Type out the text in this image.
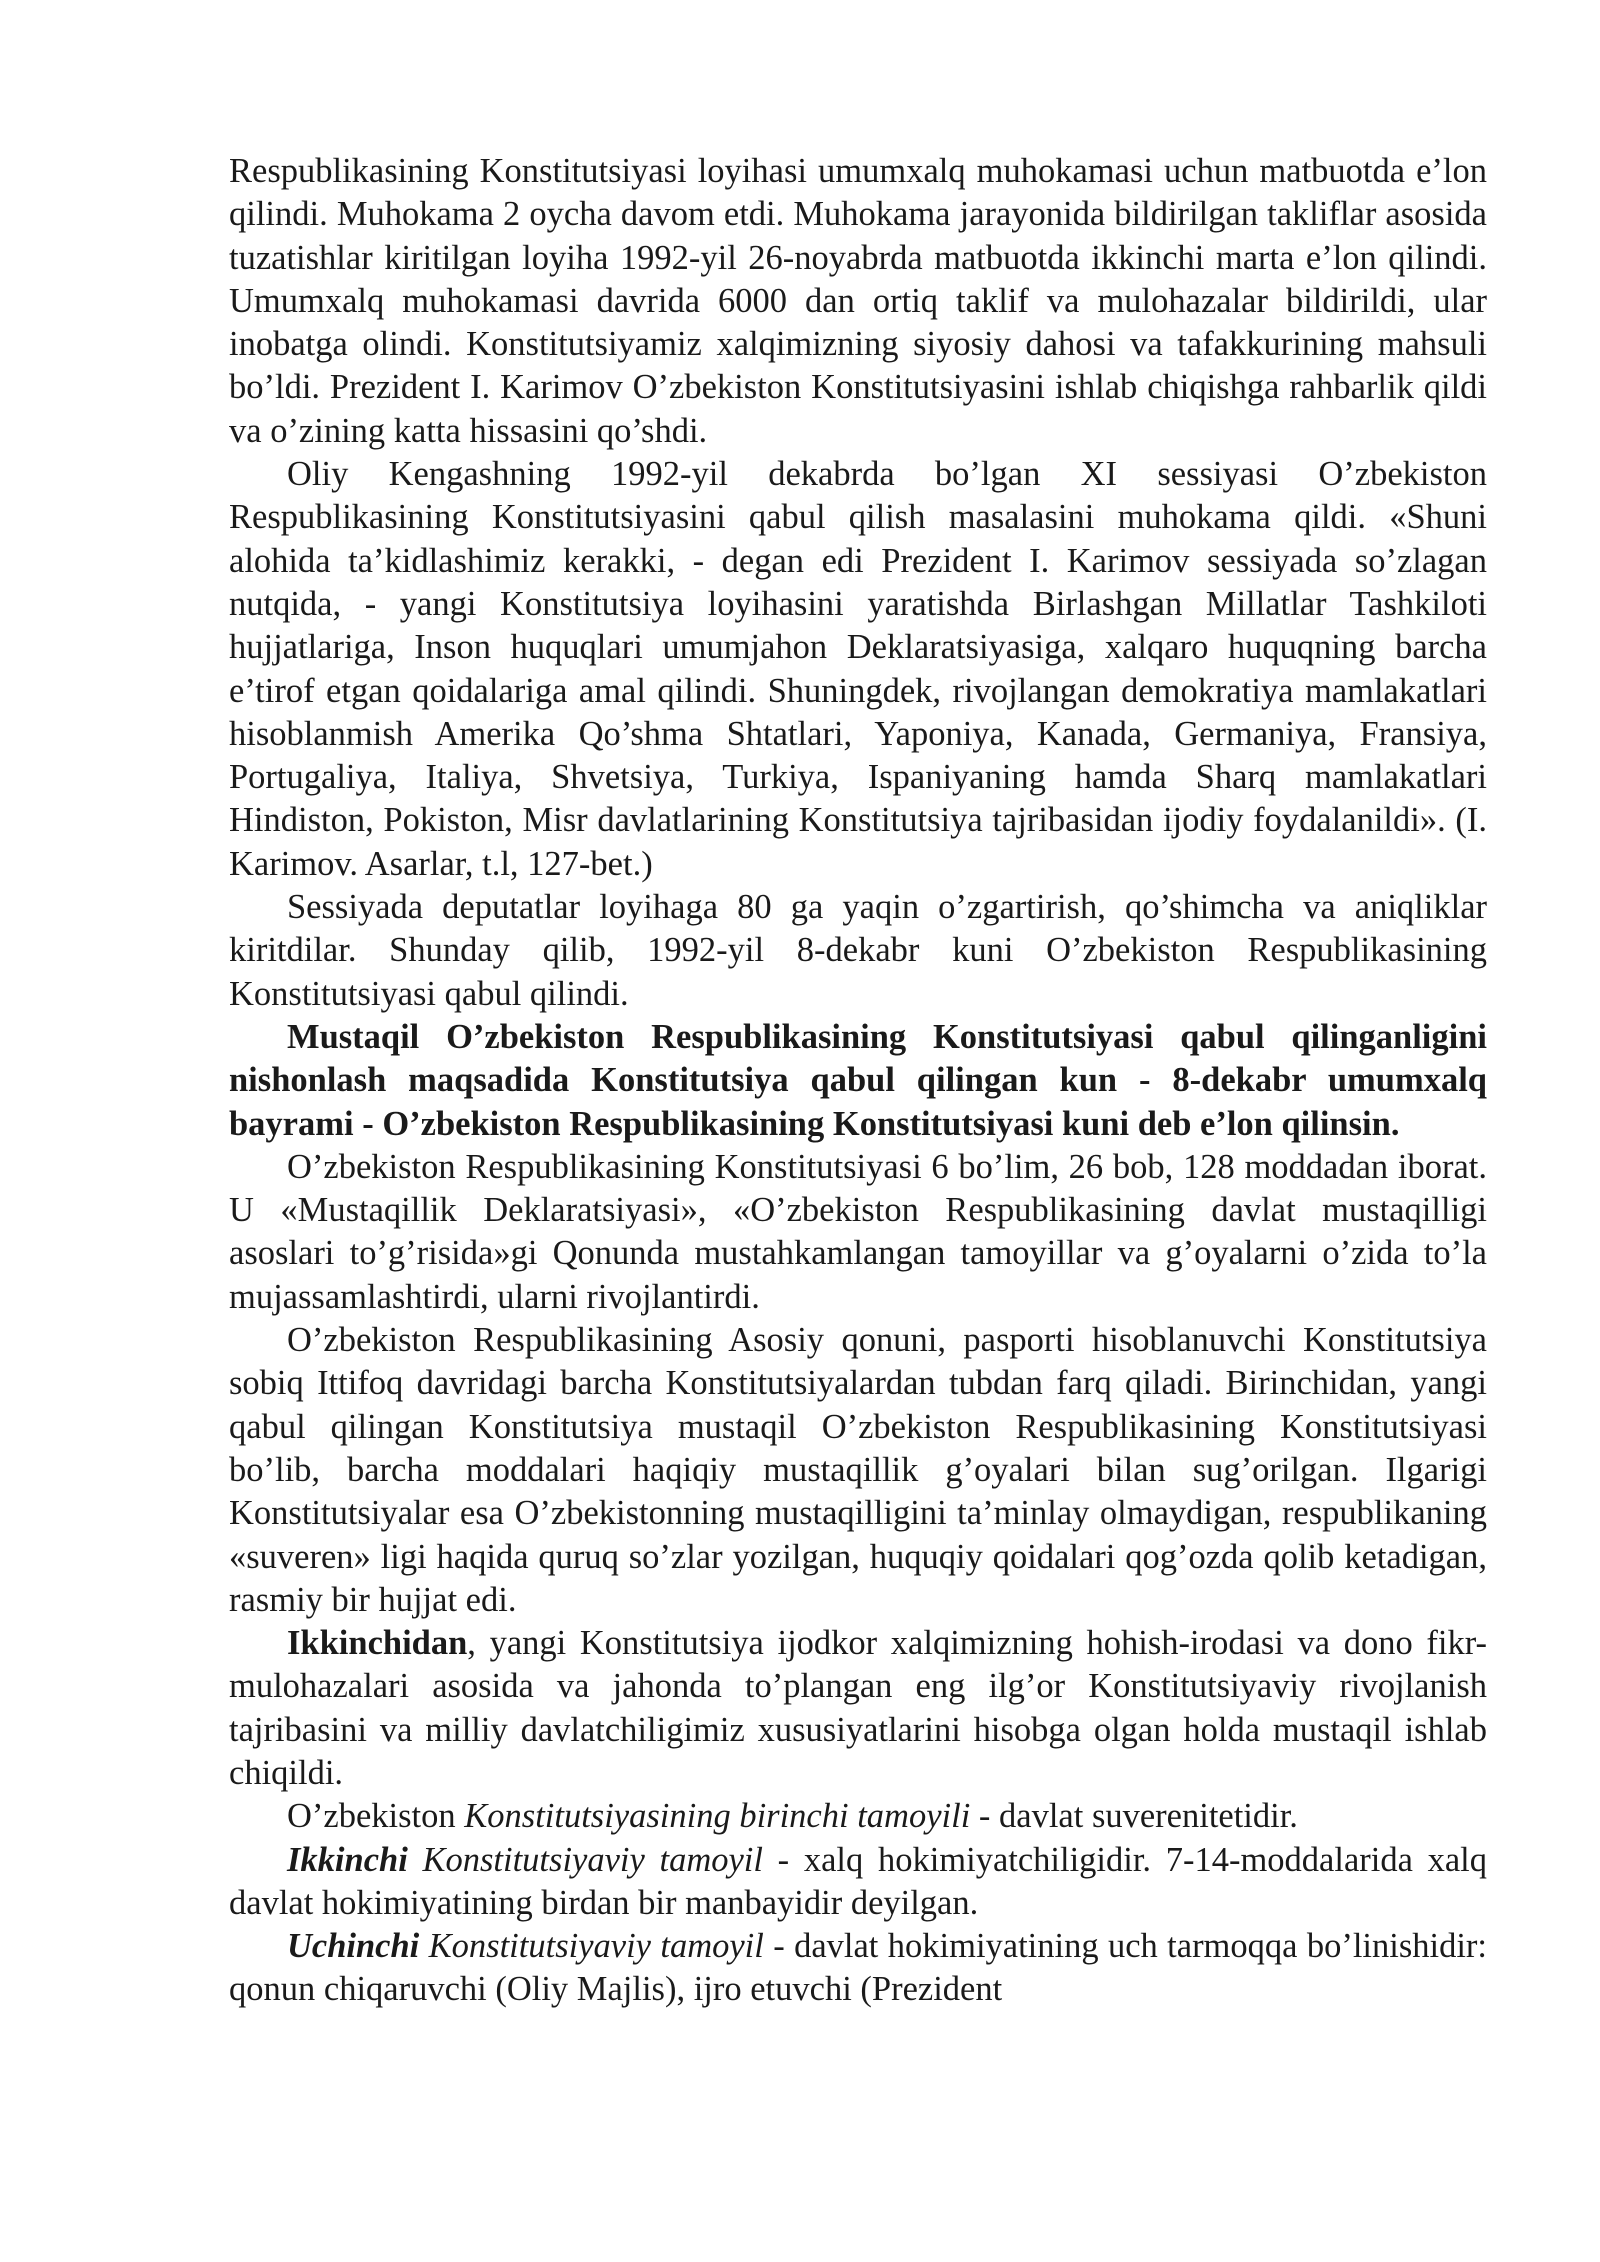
Respublikasining Konstitutsiyasi loyihasi umumxalq muhokamasi uchun matbuotda e’lon qilindi. Muhokama 2 oycha davom etdi. Muhokama jarayonida bildirilgan takliflar asosida tuzatishlar kiritilgan loyiha 1992-yil 26-noyabrda matbuotda ikkinchi marta e’lon qilindi. Umumxalq muhokamasi davrida 6000 dan ortiq taklif va mulohazalar bildirildi, ular inobatga olindi. Konstitutsiyamiz xalqimizning siyosiy dahosi va tafakkurining mahsuli bo’ldi. Prezident I. Karimov O’zbekiston Konstitutsiyasini ishlab chiqishga rahbarlik qildi va o’zining katta hissasini qo’shdi.

Oliy Kengashning 1992-yil dekabrda bo’lgan XI sessiyasi O’zbekiston Respublikasining Konstitutsiyasini qabul qilish masalasini muhokama qildi. «Shuni alohida ta’kidlashimiz kerakki, - degan edi Prezident I. Karimov sessiyada so’zlagan nutqida, - yangi Konstitutsiya loyihasini yaratishda Birlashgan Millatlar Tashkiloti hujjatlariga, Inson huquqlari umumjahon Deklaratsiyasiga, xalqaro huquqning barcha e’tirof etgan qoidalariga amal qilindi. Shuningdek, rivojlangan demokratiya mamlakatlari hisoblanmish Amerika Qo’shma Shtatlari, Yaponiya, Kanada, Germaniya, Fransiya, Portugaliya, Italiya, Shvetsiya, Turkiya, Ispaniyaning hamda Sharq mamlakatlari Hindiston, Pokiston, Misr davlatlarining Konstitutsiya tajribasidan ijodiy foydalanildi». (I. Karimov. Asarlar, t.l, 127-bet.)

Sessiyada deputatlar loyihaga 80 ga yaqin o’zgartirish, qo’shimcha va aniqliklar kiritdilar. Shunday qilib, 1992-yil 8-dekabr kuni O’zbekiston Respublikasining Konstitutsiyasi qabul qilindi.

Mustaqil O’zbekiston Respublikasining Konstitutsiyasi qabul qilinganligini nishonlash maqsadida Konstitutsiya qabul qilingan kun - 8-dekabr umumxalq bayrami - O’zbekiston Respublikasining Konstitutsiyasi kuni deb e’lon qilinsin.

O’zbekiston Respublikasining Konstitutsiyasi 6 bo’lim, 26 bob, 128 moddadan iborat. U «Mustaqillik Deklaratsiyasi», «O’zbekiston Respublikasining davlat mustaqilligi asoslari to’g’risida»gi Qonunda mustahkamlangan tamoyillar va g’oyalarni o’zida to’la mujassamlashtirdi, ularni rivojlantirdi.

O’zbekiston Respublikasining Asosiy qonuni, pasporti hisoblanuvchi Konstitutsiya sobiq Ittifoq davridagi barcha Konstitutsiyalardan tubdan farq qiladi. Birinchidan, yangi qabul qilingan Konstitutsiya mustaqil O’zbekiston Respublikasining Konstitutsiyasi bo’lib, barcha moddalari haqiqiy mustaqillik g’oyalari bilan sug’orilgan. Ilgarigi Konstitutsiyalar esa O’zbekistonning mustaqilligini ta’minlay olmaydigan, respublikaning «suveren» ligi haqida quruq so’zlar yozilgan, huquqiy qoidalari qog’ozda qolib ketadigan, rasmiy bir hujjat edi.

Ikkinchidan, yangi Konstitutsiya ijodkor xalqimizning hohish-irodasi va dono fikr-mulohazalari asosida va jahonda to’plangan eng ilg’or Konstitutsiyaviy rivojlanish tajribasini va milliy davlatchiligimiz xususiyatlarini hisobga olgan holda mustaqil ishlab chiqildi.

O’zbekiston Konstitutsiyasining birinchi tamoyili - davlat suverenitetidir.

Ikkinchi Konstitutsiyaviy tamoyil - xalq hokimiyatchiligidir. 7-14-moddalarida xalq davlat hokimiyatining birdan bir manbayidir deyilgan.

Uchinchi Konstitutsiyaviy tamoyil - davlat hokimiyatining uch tarmoqqa bo’linishidir: qonun chiqaruvchi (Oliy Majlis), ijro etuvchi (Prezident
